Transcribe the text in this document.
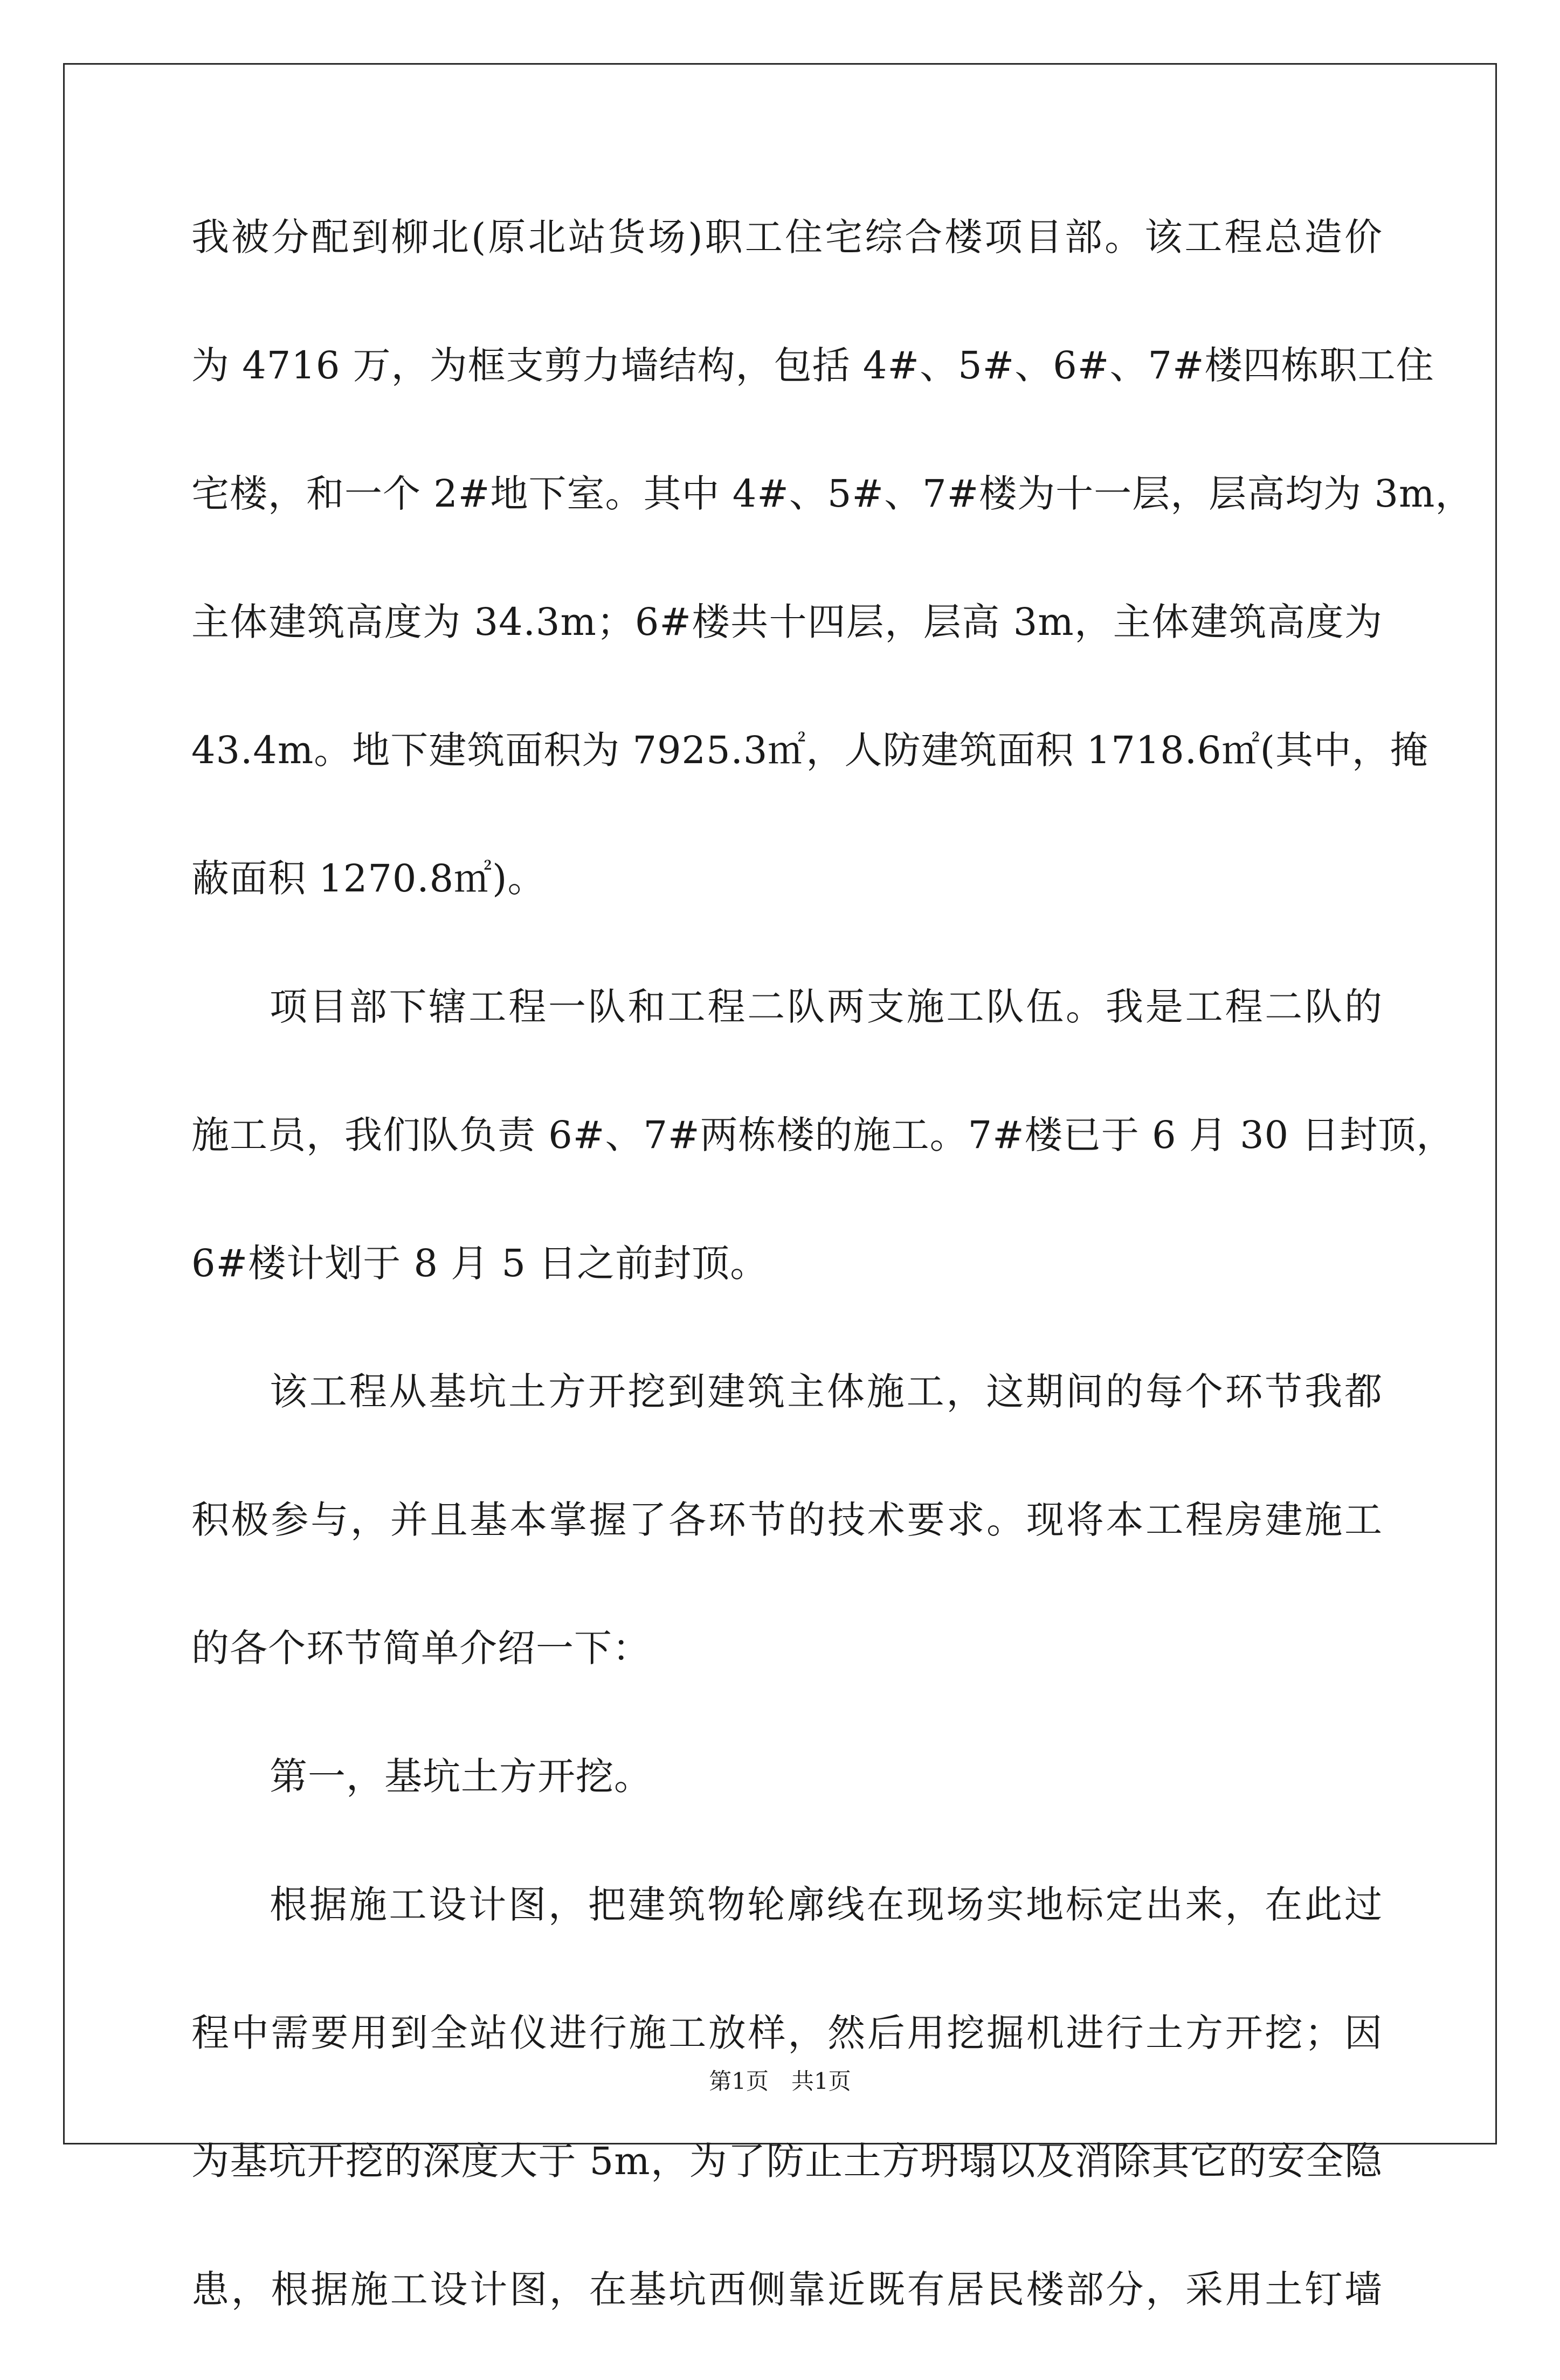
我被分配到柳北(原北站货场)职工住宅综合楼项目部。该工程总造价
为 4716 万，为框支剪力墙结构，包括 4#、5#、6#、7#楼四栋职工住
宅楼，和一个 2#地下室。其中 4#、5#、7#楼为十一层，层高均为 3m，
主体建筑高度为 34.3m；6#楼共十四层，层高 3m，主体建筑高度为
43.4m。地下建筑面积为 7925.3㎡，人防建筑面积 1718.6㎡(其中，掩
蔽面积 1270.8㎡)。
项目部下辖工程一队和工程二队两支施工队伍。我是工程二队的
施工员，我们队负责 6#、7#两栋楼的施工。7#楼已于 6 月 30 日封顶，
6#楼计划于 8 月 5 日之前封顶。
该工程从基坑土方开挖到建筑主体施工，这期间的每个环节我都
积极参与，并且基本掌握了各环节的技术要求。现将本工程房建施工
的各个环节简单介绍一下：
第一，基坑土方开挖。
根据施工设计图，把建筑物轮廓线在现场实地标定出来，在此过
程中需要用到全站仪进行施工放样，然后用挖掘机进行土方开挖；因
为基坑开挖的深度大于 5m，为了防止土方坍塌以及消除其它的安全隐
患，根据施工设计图，在基坑西侧靠近既有居民楼部分，采用土钉墙
第1页　共1页
